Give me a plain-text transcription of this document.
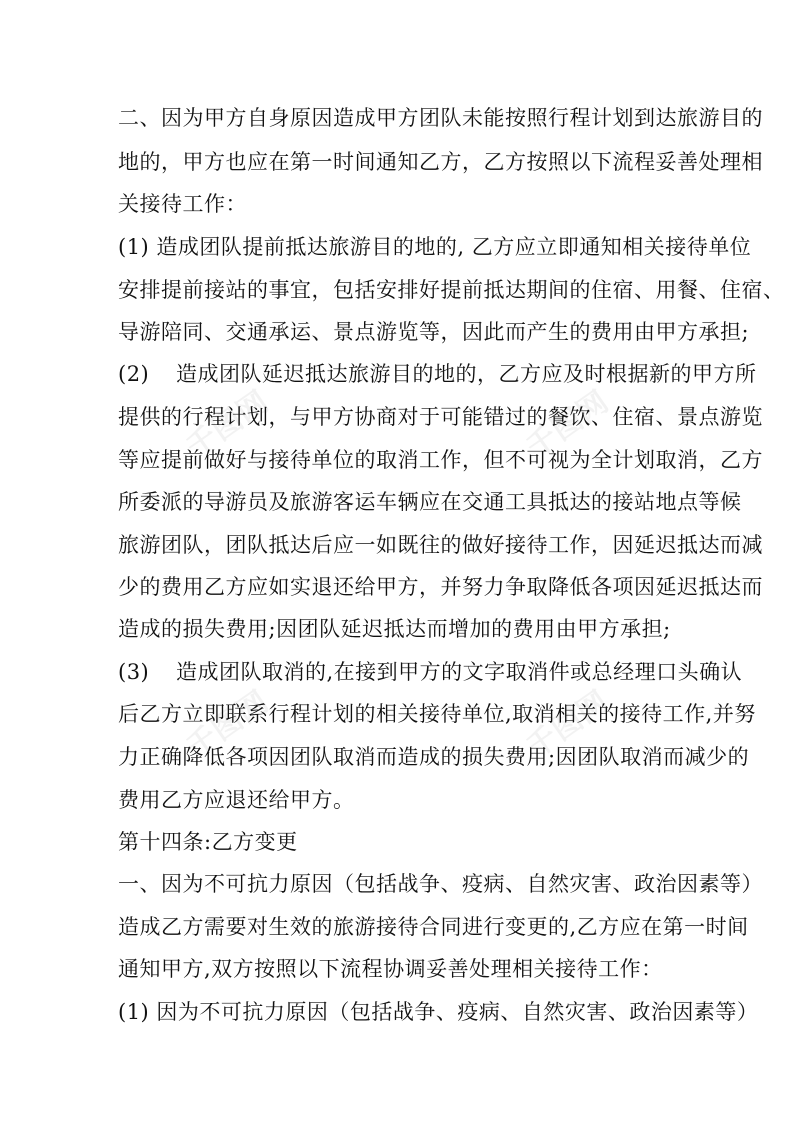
千图网	千图网
千图网	千图网
二、因为甲方自身原因造成甲方团队未能按照行程计划到达旅游目的
地的，甲方也应在第一时间通知乙方，乙方按照以下流程妥善处理相
关接待工作：
(1) 造成团队提前抵达旅游目的地的, 乙方应立即通知相关接待单位
安排提前接站的事宜，包括安排好提前抵达期间的住宿、用餐、住宿、
导游陪同、交通承运、景点游览等，因此而产生的费用由甲方承担;
(2) 造成团队延迟抵达旅游目的地的，乙方应及时根据新的甲方所
提供的行程计划，与甲方协商对于可能错过的餐饮、住宿、景点游览
等应提前做好与接待单位的取消工作，但不可视为全计划取消，乙方
所委派的导游员及旅游客运车辆应在交通工具抵达的接站地点等候
旅游团队，团队抵达后应一如既往的做好接待工作，因延迟抵达而减
少的费用乙方应如实退还给甲方，并努力争取降低各项因延迟抵达而
造成的损失费用;因团队延迟抵达而增加的费用由甲方承担;
(3) 造成团队取消的,在接到甲方的文字取消件或总经理口头确认
后乙方立即联系行程计划的相关接待单位,取消相关的接待工作,并努
力正确降低各项因团队取消而造成的损失费用;因团队取消而减少的
费用乙方应退还给甲方。
第十四条:乙方变更
一、因为不可抗力原因（包括战争、疫病、自然灾害、政治因素等）
造成乙方需要对生效的旅游接待合同进行变更的,乙方应在第一时间
通知甲方,双方按照以下流程协调妥善处理相关接待工作：
(1) 因为不可抗力原因（包括战争、疫病、自然灾害、政治因素等）
